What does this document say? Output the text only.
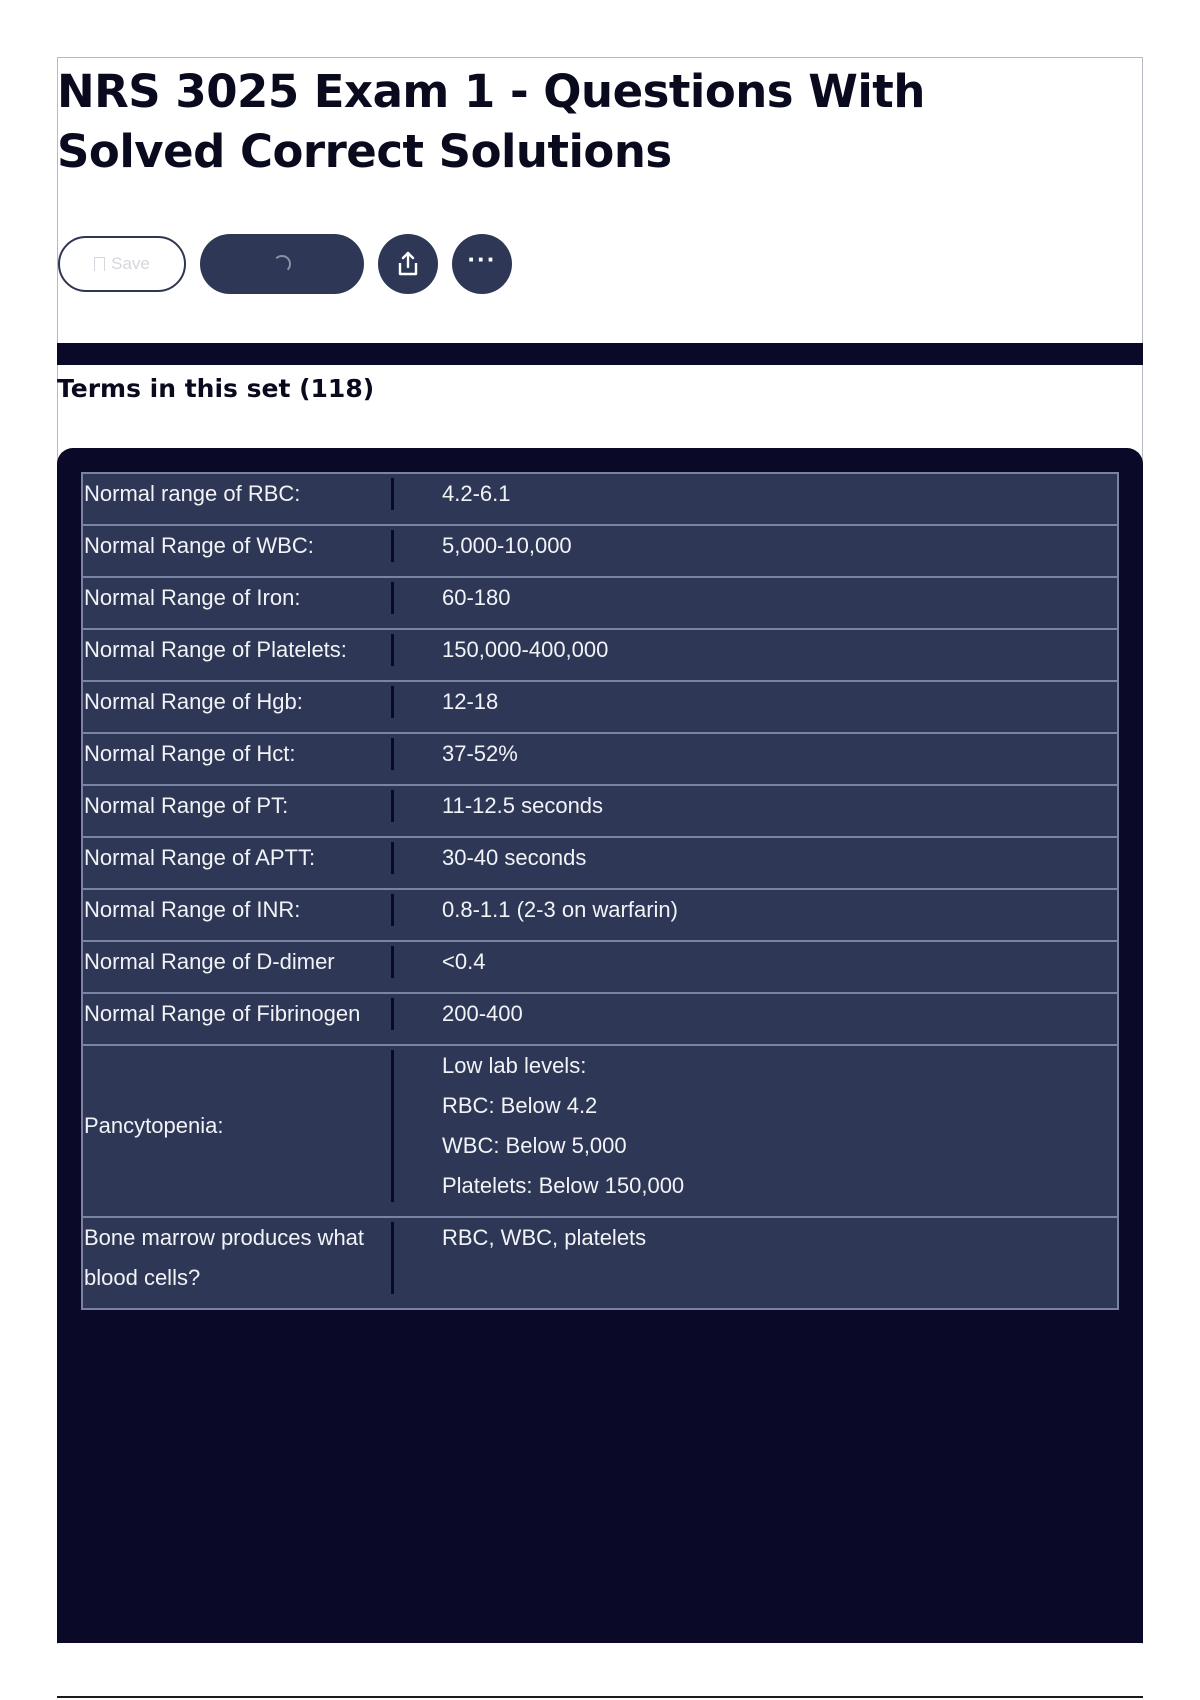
NRS 3025 Exam 1 - Questions With Solved Correct Solutions
Save	···
Terms in this set (118)
Normal range of RBC:	4.2-6.1

Normal Range of WBC:	5,000-10,000

Normal Range of Iron:	60-180

Normal Range of Platelets:	150,000-400,000

Normal Range of Hgb:	12-18

Normal Range of Hct:	37-52%

Normal Range of PT:	11-12.5 seconds

Normal Range of APTT:	30-40 seconds

Normal Range of INR:	0.8-1.1 (2-3 on warfarin)

Normal Range of D-dimer	<0.4

Normal Range of Fibrinogen	200-400

Pancytopenia:	Low lab levels:
RBC: Below 4.2
WBC: Below 5,000
Platelets: Below 150,000

Bone marrow produces what blood cells?	RBC, WBC, platelets
